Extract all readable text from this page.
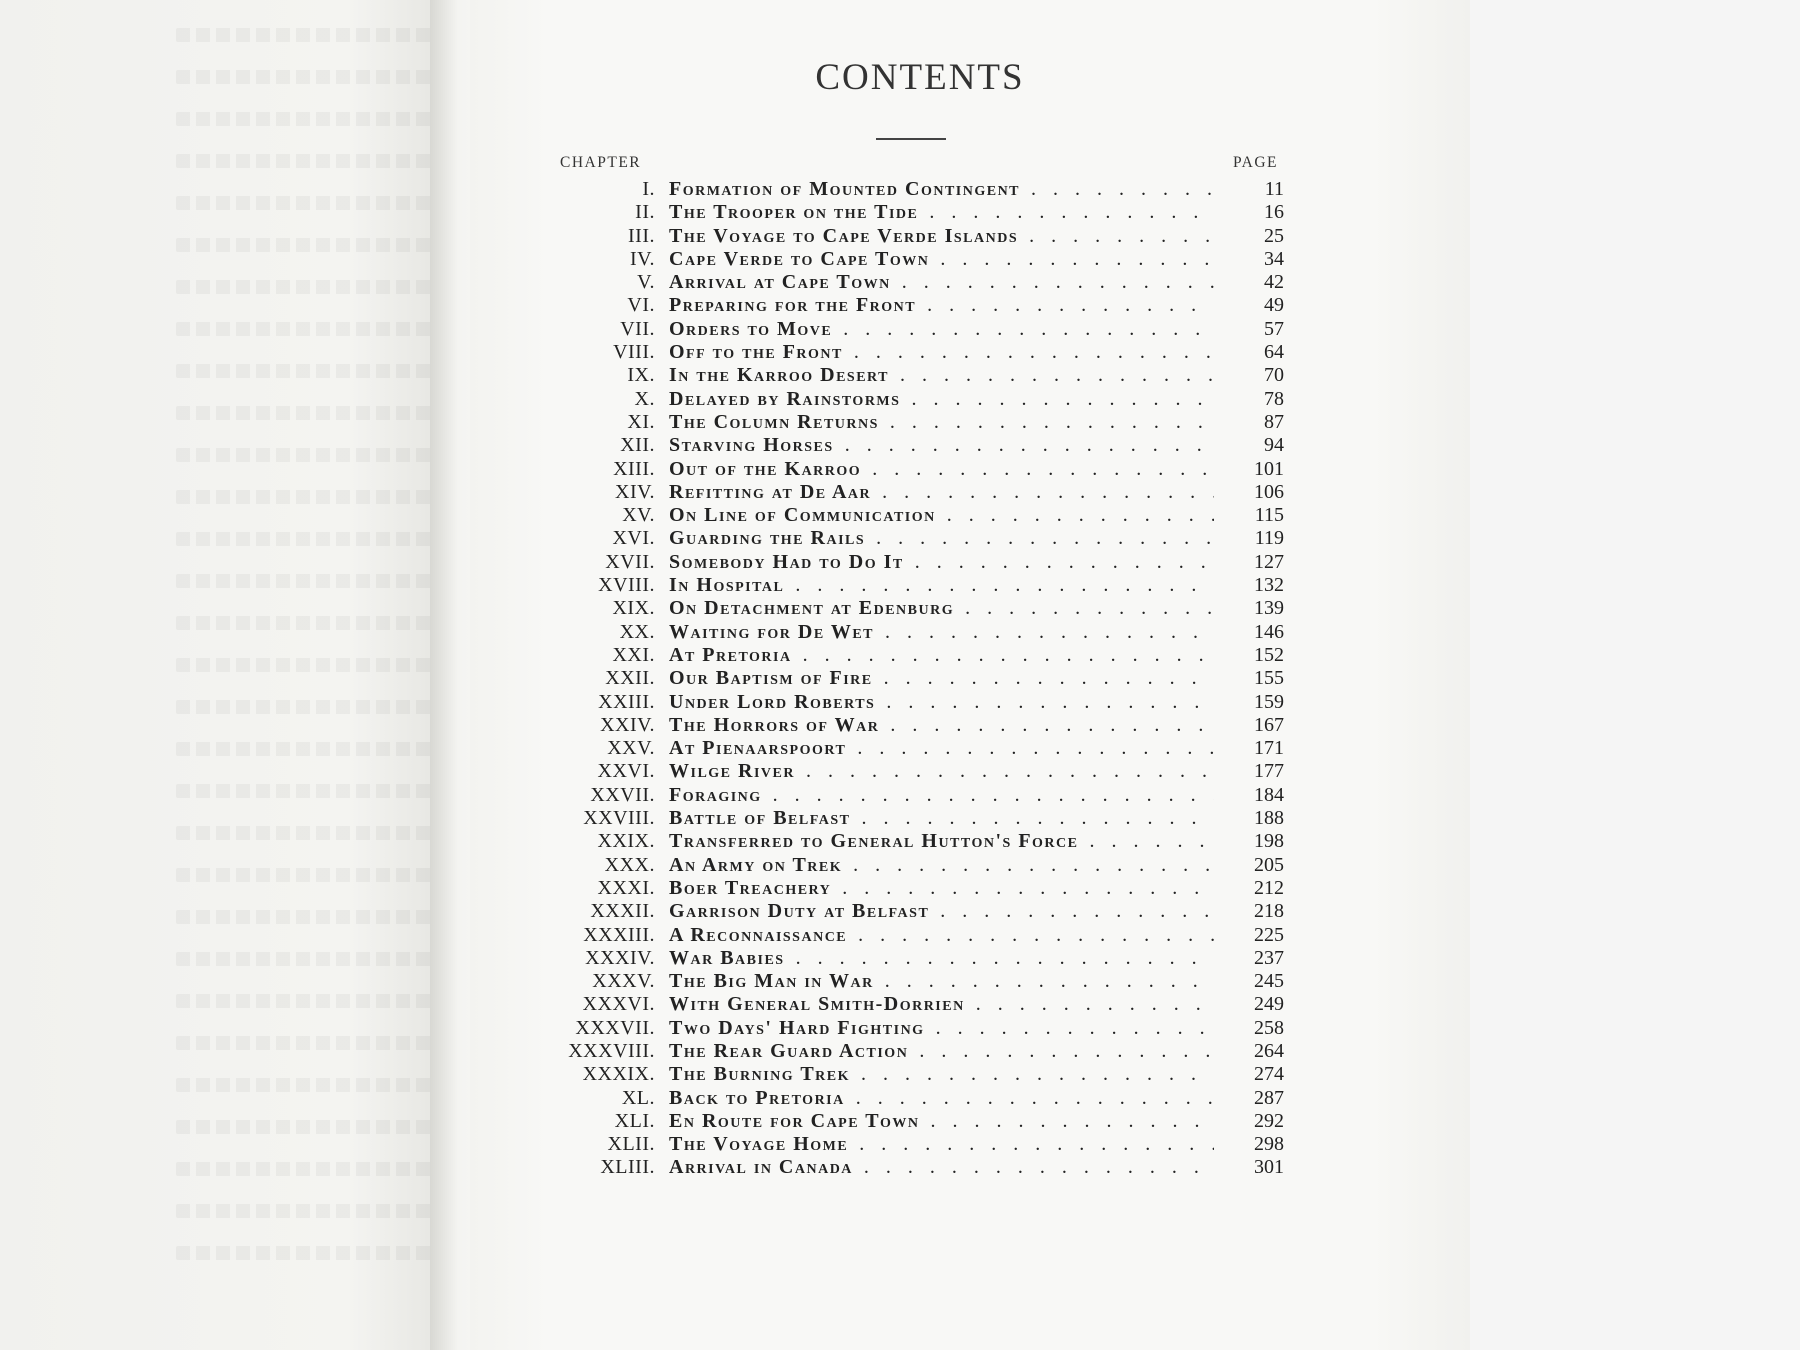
CONTENTS
CHAPTER	PAGE
I. Formation of Mounted Contingent . . .	11
II. The Trooper on the Tide . . .	16
III. The Voyage to Cape Verde Islands . . .	25
IV. Cape Verde to Cape Town . . .	34
V. Arrival at Cape Town . . .	42
VI. Preparing for the Front . . .	49
VII. Orders to Move . . .	57
VIII. Off to the Front . . .	64
IX. In the Karroo Desert . . .	70
X. Delayed by Rainstorms . . .	78
XI. The Column Returns . . .	87
XII. Starving Horses . . .	94
XIII. Out of the Karroo . . .	101
XIV. Refitting at De Aar . . .	106
XV. On Line of Communication . . .	115
XVI. Guarding the Rails . . .	119
XVII. Somebody Had to Do It . . .	127
XVIII. In Hospital . . .	132
XIX. On Detachment at Edenburg . . .	139
XX. Waiting for De Wet . . .	146
XXI. At Pretoria . . .	152
XXII. Our Baptism of Fire . . .	155
XXIII. Under Lord Roberts . . .	159
XXIV. The Horrors of War . . .	167
XXV. At Pienaarspoort . . .	171
XXVI. Wilge River . . .	177
XXVII. Foraging . . .	184
XXVIII. Battle of Belfast . . .	188
XXIX. Transferred to General Hutton's Force . . .	198
XXX. An Army on Trek . . .	205
XXXI. Boer Treachery . . .	212
XXXII. Garrison Duty at Belfast . . .	218
XXXIII. A Reconnaissance . . .	225
XXXIV. War Babies . . .	237
XXXV. The Big Man in War . . .	245
XXXVI. With General Smith-Dorrien . . .	249
XXXVII. Two Days' Hard Fighting . . .	258
XXXVIII. The Rear Guard Action . . .	264
XXXIX. The Burning Trek . . .	274
XL. Back to Pretoria . . .	287
XLI. En Route for Cape Town . . .	292
XLII. The Voyage Home . . .	298
XLIII. Arrival in Canada . . .	301
